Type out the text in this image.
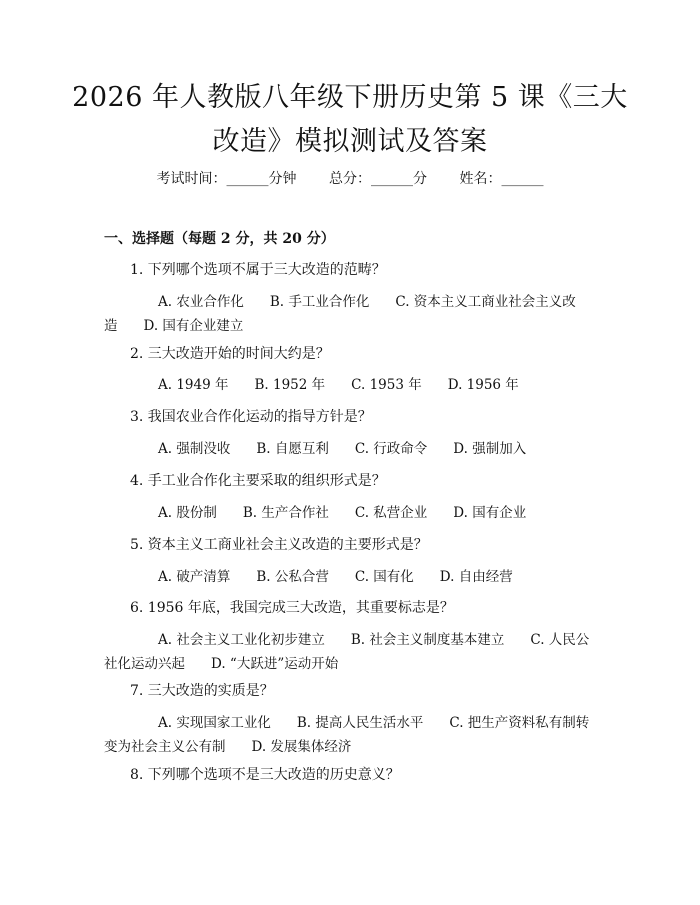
2026 年人教版八年级下册历史第 5 课《三大
改造》模拟测试及答案
考试时间：______分钟 总分：______分 姓名：______
一、选择题（每题 2 分，共 20 分）
1. 下列哪个选项不属于三大改造的范畴？
A. 农业合作化 B. 手工业合作化 C. 资本主义工商业社会主义改造 D. 国有企业建立
2. 三大改造开始的时间大约是？
A. 1949 年 B. 1952 年 C. 1953 年 D. 1956 年
3. 我国农业合作化运动的指导方针是？
A. 强制没收 B. 自愿互利 C. 行政命令 D. 强制加入
4. 手工业合作化主要采取的组织形式是？
A. 股份制 B. 生产合作社 C. 私营企业 D. 国有企业
5. 资本主义工商业社会主义改造的主要形式是？
A. 破产清算 B. 公私合营 C. 国有化 D. 自由经营
6. 1956 年底，我国完成三大改造，其重要标志是？
A. 社会主义工业化初步建立 B. 社会主义制度基本建立 C. 人民公社化运动兴起 D. “大跃进”运动开始
7. 三大改造的实质是？
A. 实现国家工业化 B. 提高人民生活水平 C. 把生产资料私有制转变为社会主义公有制 D. 发展集体经济
8. 下列哪个选项不是三大改造的历史意义？
